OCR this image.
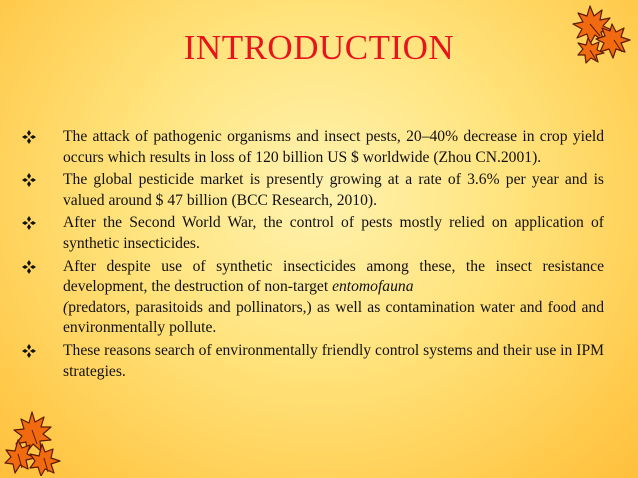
INTRODUCTION
The attack of pathogenic organisms and insect pests, 20–40% decrease in crop yield occurs which results in loss of 120 billion US $ worldwide (Zhou CN.2001).
The global pesticide market is presently growing at a rate of 3.6% per year and is valued around $ 47 billion (BCC Research, 2010).
After the Second World War, the control of pests mostly relied on application of synthetic insecticides.
After despite use of synthetic insecticides among these, the insect resistance development, the destruction of non-target entomofauna
(predators, parasitoids and pollinators,) as well as contamination water and food and environmentally pollute.
These reasons search of environmentally friendly control systems and their use in IPM strategies.
